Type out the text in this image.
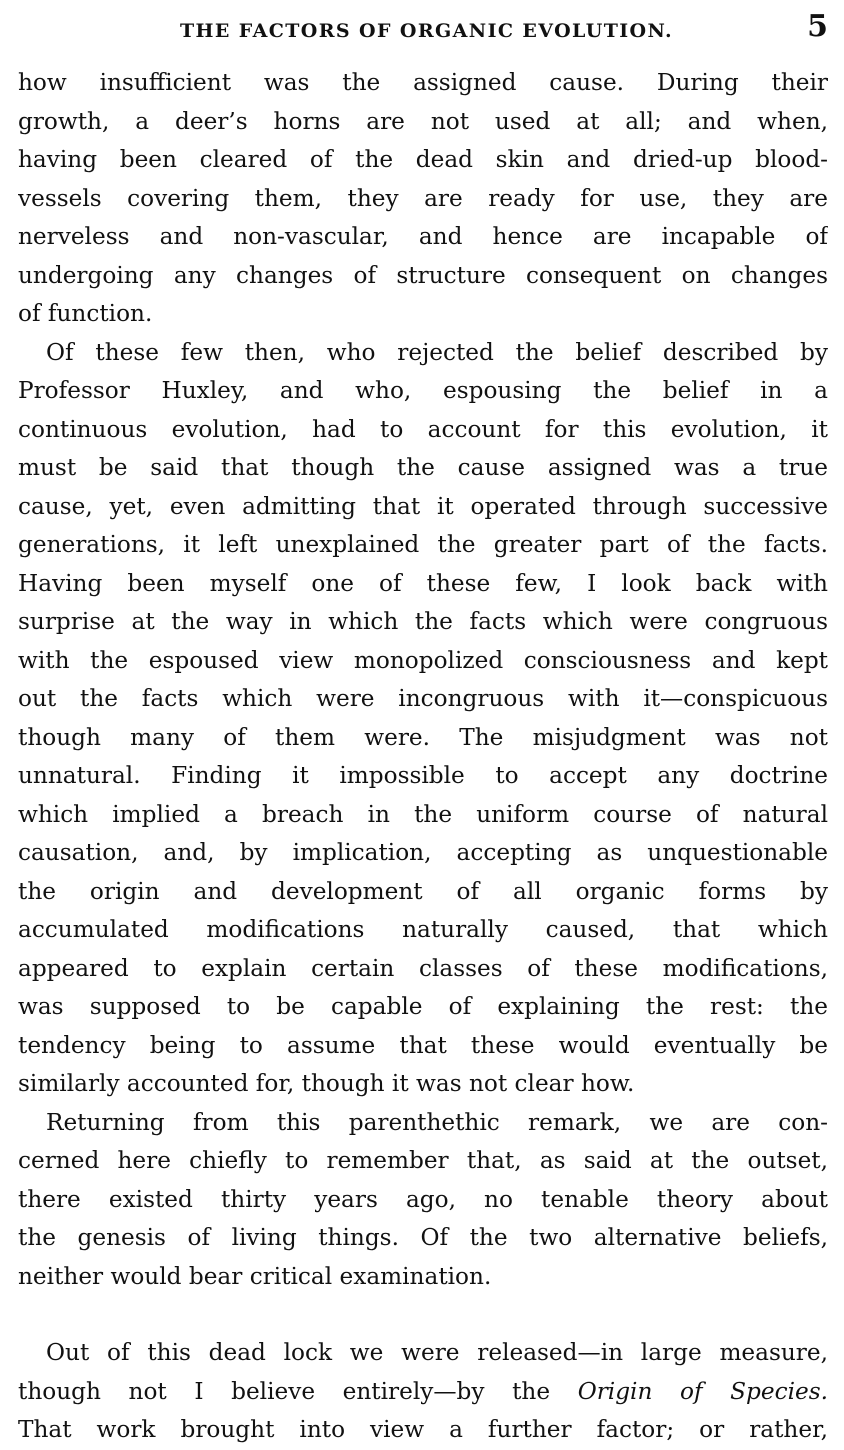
THE FACTORS OF ORGANIC EVOLUTION.	5
how insufficient was the assigned cause. During their
growth, a deer’s horns are not used at all; and when,
having been cleared of the dead skin and dried-up blood-
vessels covering them, they are ready for use, they are
nerveless and non-vascular, and hence are incapable of
undergoing any changes of structure consequent on changes
of function.
Of these few then, who rejected the belief described by
Professor Huxley, and who, espousing the belief in a
continuous evolution, had to account for this evolution, it
must be said that though the cause assigned was a true
cause, yet, even admitting that it operated through successive
generations, it left unexplained the greater part of the facts.
Having been myself one of these few, I look back with
surprise at the way in which the facts which were congruous
with the espoused view monopolized consciousness and kept
out the facts which were incongruous with it—conspicuous
though many of them were. The misjudgment was not
unnatural. Finding it impossible to accept any doctrine
which implied a breach in the uniform course of natural
causation, and, by implication, accepting as unquestionable
the origin and development of all organic forms by
accumulated modifications naturally caused, that which
appeared to explain certain classes of these modifications,
was supposed to be capable of explaining the rest: the
tendency being to assume that these would eventually be
similarly accounted for, though it was not clear how.
Returning from this parenthethic remark, we are con-
cerned here chiefly to remember that, as said at the outset,
there existed thirty years ago, no tenable theory about
the genesis of living things. Of the two alternative beliefs,
neither would bear critical examination.
Out of this dead lock we were released—in large measure,
though not I believe entirely—by the Origin of Species.
That work brought into view a further factor; or rather,
